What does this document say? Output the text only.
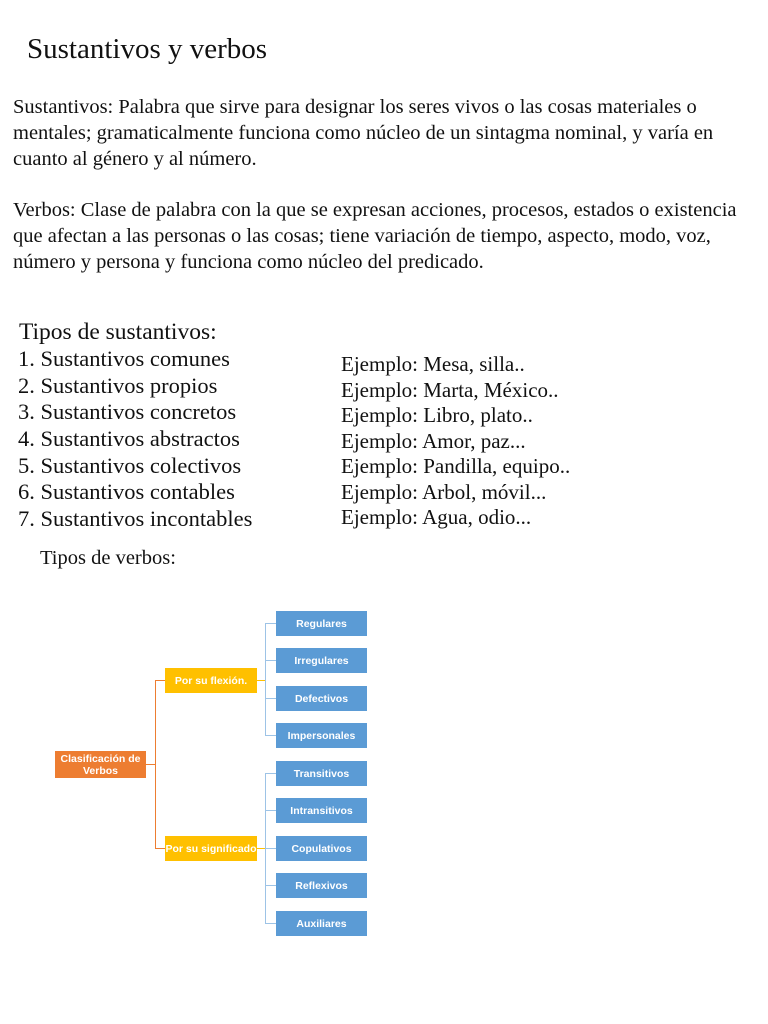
Sustantivos y verbos

Sustantivos: Palabra que sirve para designar los seres vivos o las cosas materiales o mentales; gramaticalmente funciona como núcleo de un sintagma nominal, y varía en cuanto al género y al número.

Verbos: Clase de palabra con la que se expresan acciones, procesos, estados o existencia que afectan a las personas o las cosas; tiene variación de tiempo, aspecto, modo, voz, número y persona y funciona como núcleo del predicado.

Tipos de sustantivos:
1. Sustantivos comunes
2. Sustantivos propios
3. Sustantivos concretos
4. Sustantivos abstractos
5. Sustantivos colectivos
6. Sustantivos contables
7. Sustantivos incontables
Ejemplo: Mesa, silla..
Ejemplo: Marta, México..
Ejemplo: Libro, plato..
Ejemplo: Amor, paz...
Ejemplo: Pandilla, equipo..
Ejemplo: Arbol, móvil...
Ejemplo: Agua, odio...
Tipos de verbos:
Clasificación de Verbos
Por su flexión.
Por su significado
Regulares
Irregulares
Defectivos
Impersonales
Transitivos
Intransitivos
Copulativos
Reflexivos
Auxiliares
